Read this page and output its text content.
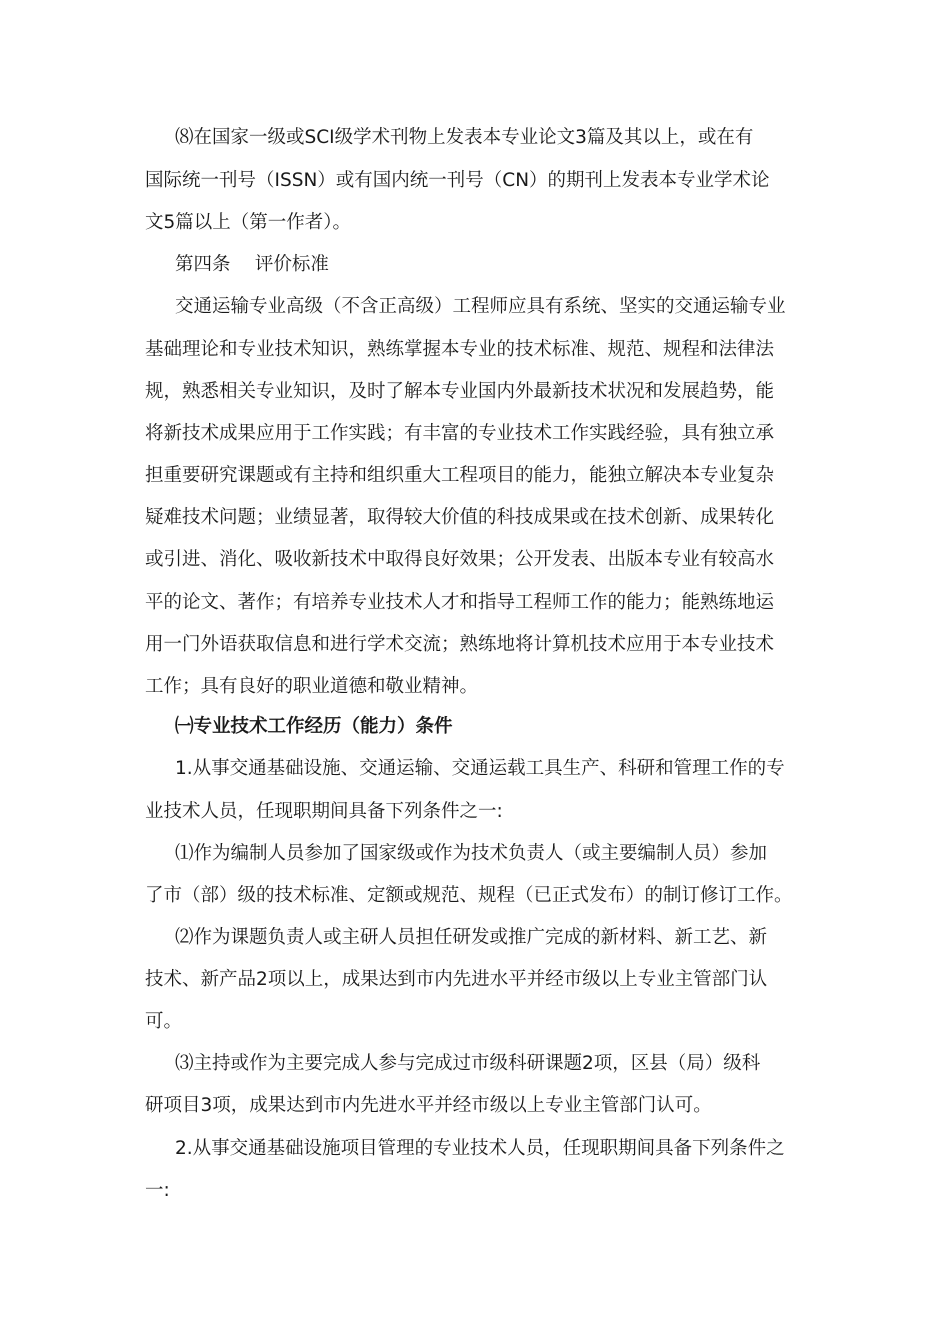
⑻在国家一级或SCI级学术刊物上发表本专业论文3篇及其以上，或在有
国际统一刊号（ISSN）或有国内统一刊号（CN）的期刊上发表本专业学术论
文5篇以上（第一作者）。
第四条　 评价标准
交通运输专业高级（不含正高级）工程师应具有系统、坚实的交通运输专业
基础理论和专业技术知识，熟练掌握本专业的技术标准、规范、规程和法律法
规，熟悉相关专业知识，及时了解本专业国内外最新技术状况和发展趋势，能
将新技术成果应用于工作实践；有丰富的专业技术工作实践经验，具有独立承
担重要研究课题或有主持和组织重大工程项目的能力，能独立解决本专业复杂
疑难技术问题；业绩显著，取得较大价值的科技成果或在技术创新、成果转化
或引进、消化、吸收新技术中取得良好效果；公开发表、出版本专业有较高水
平的论文、著作；有培养专业技术人才和指导工程师工作的能力；能熟练地运
用一门外语获取信息和进行学术交流；熟练地将计算机技术应用于本专业技术
工作；具有良好的职业道德和敬业精神。
㈠专业技术工作经历（能力）条件
1.从事交通基础设施、交通运输、交通运载工具生产、科研和管理工作的专
业技术人员，任现职期间具备下列条件之一:
⑴作为编制人员参加了国家级或作为技术负责人（或主要编制人员）参加
了市（部）级的技术标准、定额或规范、规程（已正式发布）的制订修订工作。
⑵作为课题负责人或主研人员担任研发或推广完成的新材料、新工艺、新
技术、新产品2项以上，成果达到市内先进水平并经市级以上专业主管部门认
可。
⑶主持或作为主要完成人参与完成过市级科研课题2项，区县（局）级科
研项目3项，成果达到市内先进水平并经市级以上专业主管部门认可。
2.从事交通基础设施项目管理的专业技术人员，任现职期间具备下列条件之
一:
